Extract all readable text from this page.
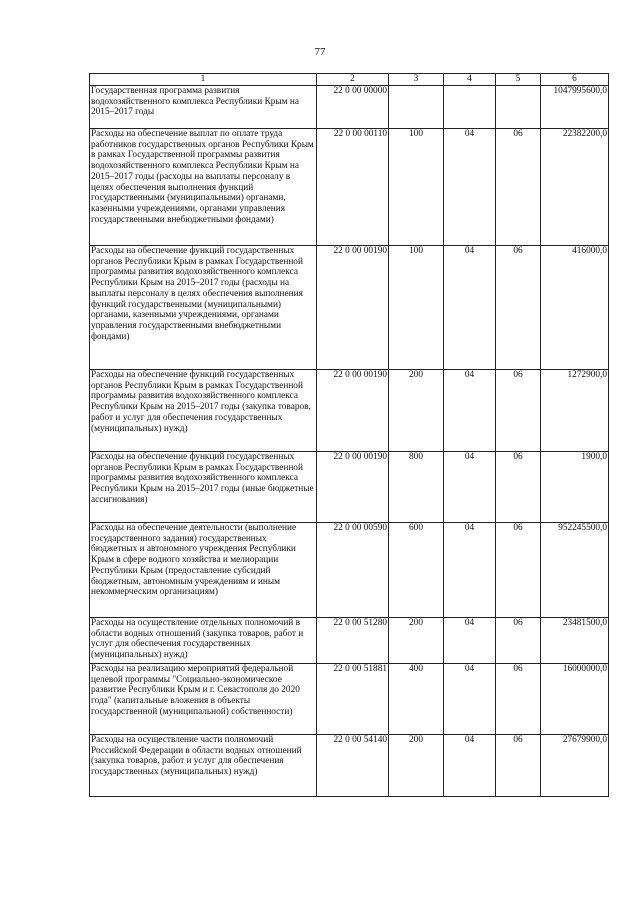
77
1	2	3	4	5	6
Государственная программа развития водохозяйственного комплекса Республики Крым на 2015–2017 годы	22 0 00 00000				1047995600,0
Расходы на обеспечение выплат по оплате труда работников государственных органов Республики Крым в рамках Государственной программы развития водохозяйственного комплекса Республики Крым на 2015–2017 годы (расходы на выплаты персоналу в целях обеспечения выполнения функций государственными (муниципальными) органами, казенными учреждениями, органами управления государственными внебюджетными фондами)	22 0 00 00110	100	04	06	22382200,0
Расходы на обеспечение функций государственных органов Республики Крым в рамках Государственной программы развития водохозяйственного комплекса Республики Крым на 2015–2017 годы (расходы на выплаты персоналу в целях обеспечения выполнения функций государственными (муниципальными) органами, казенными учреждениями, органами управления государственными внебюджетными фондами)	22 0 00 00190	100	04	06	416000,0
Расходы на обеспечение функций государственных органов Республики Крым в рамках Государственной программы развития водохозяйственного комплекса Республики Крым на 2015–2017 годы (закупка товаров, работ и услуг для обеспечения государственных (муниципальных) нужд)	22 0 00 00190	200	04	06	1272900,0
Расходы на обеспечение функций государственных органов Республики Крым в рамках Государственной программы развития водохозяйственного комплекса Республики Крым на 2015–2017 годы (иные бюджетные ассигнования)	22 0 00 00190	800	04	06	1900,0
Расходы на обеспечение деятельности (выполнение государственного задания) государственных бюджетных и автономного учреждения Республики Крым в сфере водного хозяйства и мелиорации Республики Крым (предоставление субсидий бюджетным, автономным учреждениям и иным некоммерческим организациям)	22 0 00 00590	600	04	06	952245500,0
Расходы на осуществление отдельных полномочий в области водных отношений (закупка товаров, работ и услуг для обеспечения государственных (муниципальных) нужд)	22 0 00 51280	200	04	06	23481500,0
Расходы на реализацию мероприятий федеральной целевой программы "Социально-экономическое развитие Республики Крым и г. Севастополя до 2020 года" (капитальные вложения в объекты государственной (муниципальной) собственности)	22 0 00 51881	400	04	06	16000000,0
Расходы на осуществление части полномочий Российской Федерации в области водных отношений (закупка товаров, работ и услуг для обеспечения государственных (муниципальных) нужд)	22 0 00 54140	200	04	06	27679900,0
